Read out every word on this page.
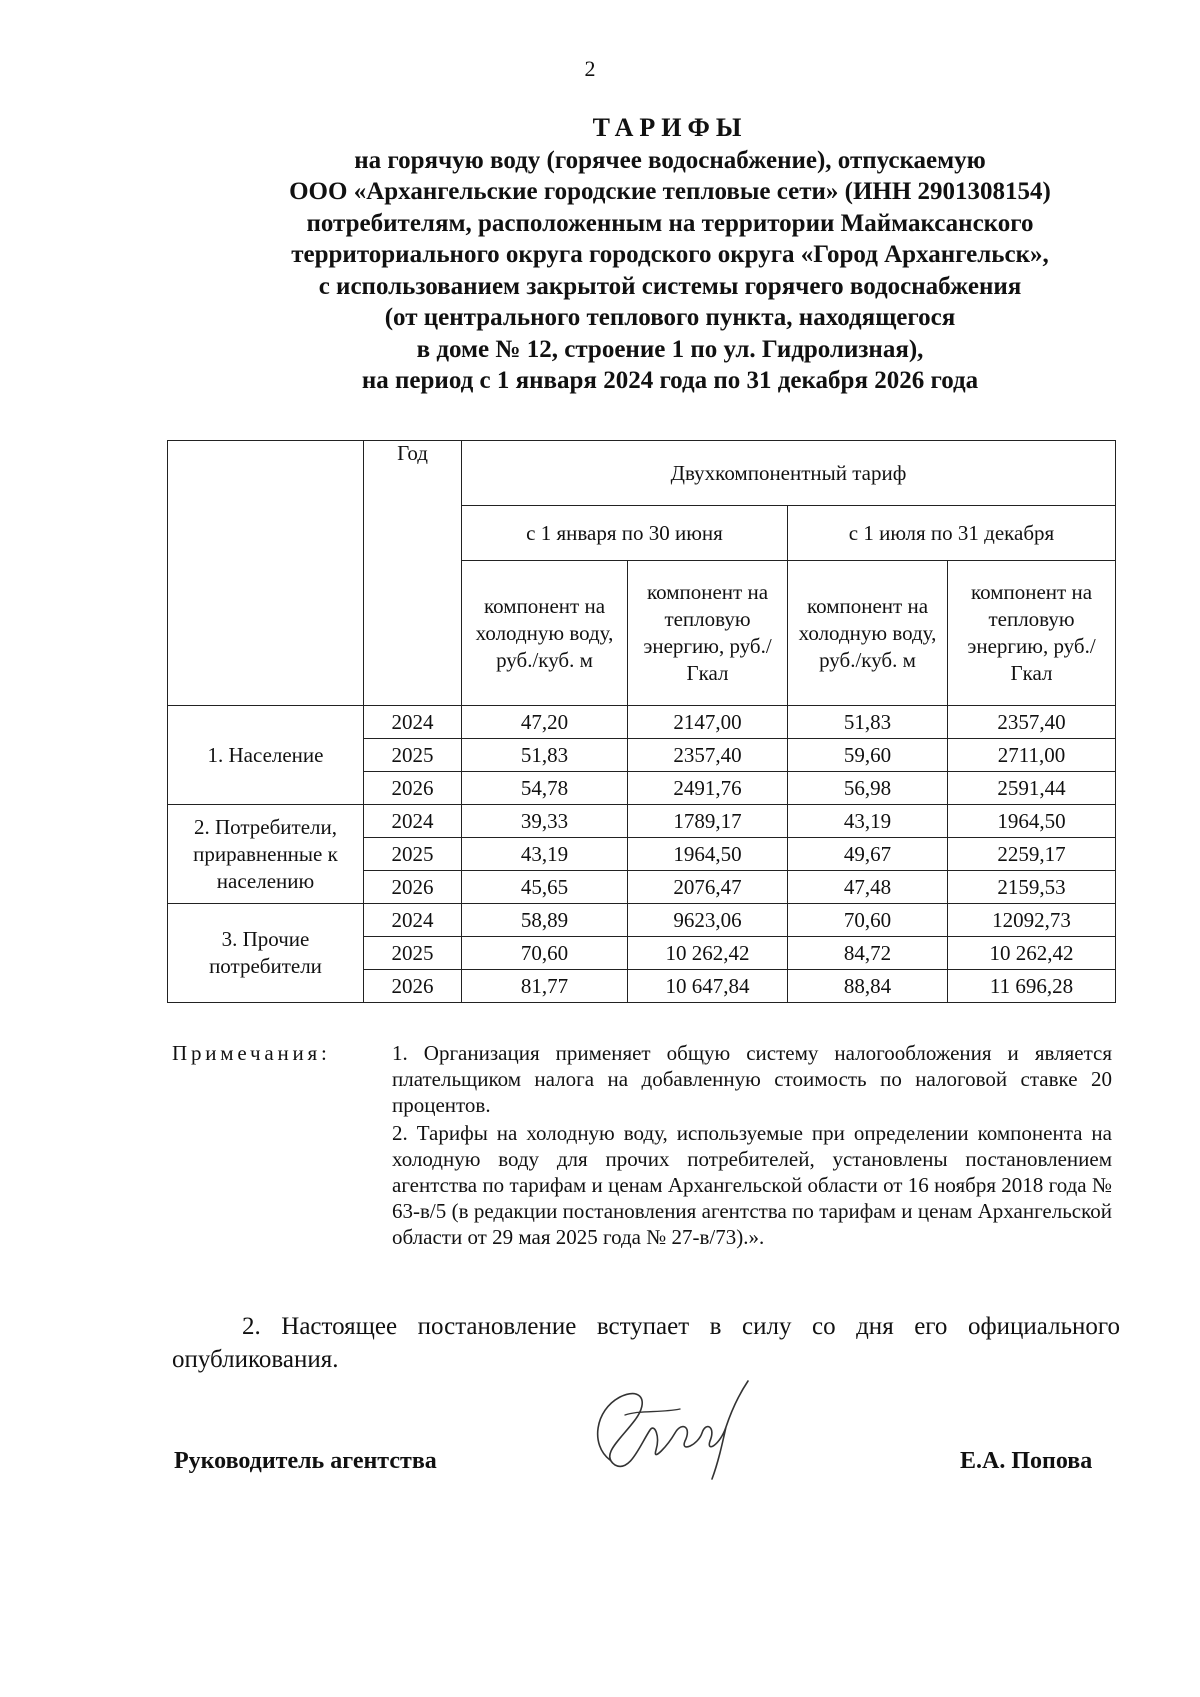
2
ТАРИФЫ
на горячую воду (горячее водоснабжение), отпускаемую
ООО «Архангельские городские тепловые сети» (ИНН 2901308154)
потребителям, расположенным на территории Маймаксанского
территориального округа городского округа «Город Архангельск»,
с использованием закрытой системы горячего водоснабжения
(от центрального теплового пункта, находящегося
в доме № 12, строение 1 по ул. Гидролизная),
на период с 1 января 2024 года по 31 декабря 2026 года
	Год	Двухкомпонентный тариф			
		с 1 января по 30 июня		с 1 июля по 31 декабря	
		компонент на холодную воду, руб./куб. м	компонент на тепловую энергию, руб./Гкал	компонент на холодную воду, руб./куб. м	компонент на тепловую энергию, руб./Гкал
1. Население	2024	47,20	2147,00	51,83	2357,40
	2025	51,83	2357,40	59,60	2711,00
	2026	54,78	2491,76	56,98	2591,44
2. Потребители, приравненные к населению	2024	39,33	1789,17	43,19	1964,50
	2025	43,19	1964,50	49,67	2259,17
	2026	45,65	2076,47	47,48	2159,53
3. Прочие потребители	2024	58,89	9623,06	70,60	12092,73
	2025	70,60	10 262,42	84,72	10 262,42
	2026	81,77	10 647,84	88,84	11 696,28
Примечания:	1. Организация применяет общую систему налогообложения и является плательщиком налога на добавленную стоимость по налоговой ставке 20 процентов.
2. Тарифы на холодную воду, используемые при определении компонента на холодную воду для прочих потребителей, установлены постановлением агентства по тарифам и ценам Архангельской области от 16 ноября 2018 года № 63-в/5 (в редакции постановления агентства по тарифам и ценам Архангельской области от 29 мая 2025 года № 27-в/73).».
2. Настоящее постановление вступает в силу со дня его официального опубликования.
Руководитель агентства	Е.А. Попова
